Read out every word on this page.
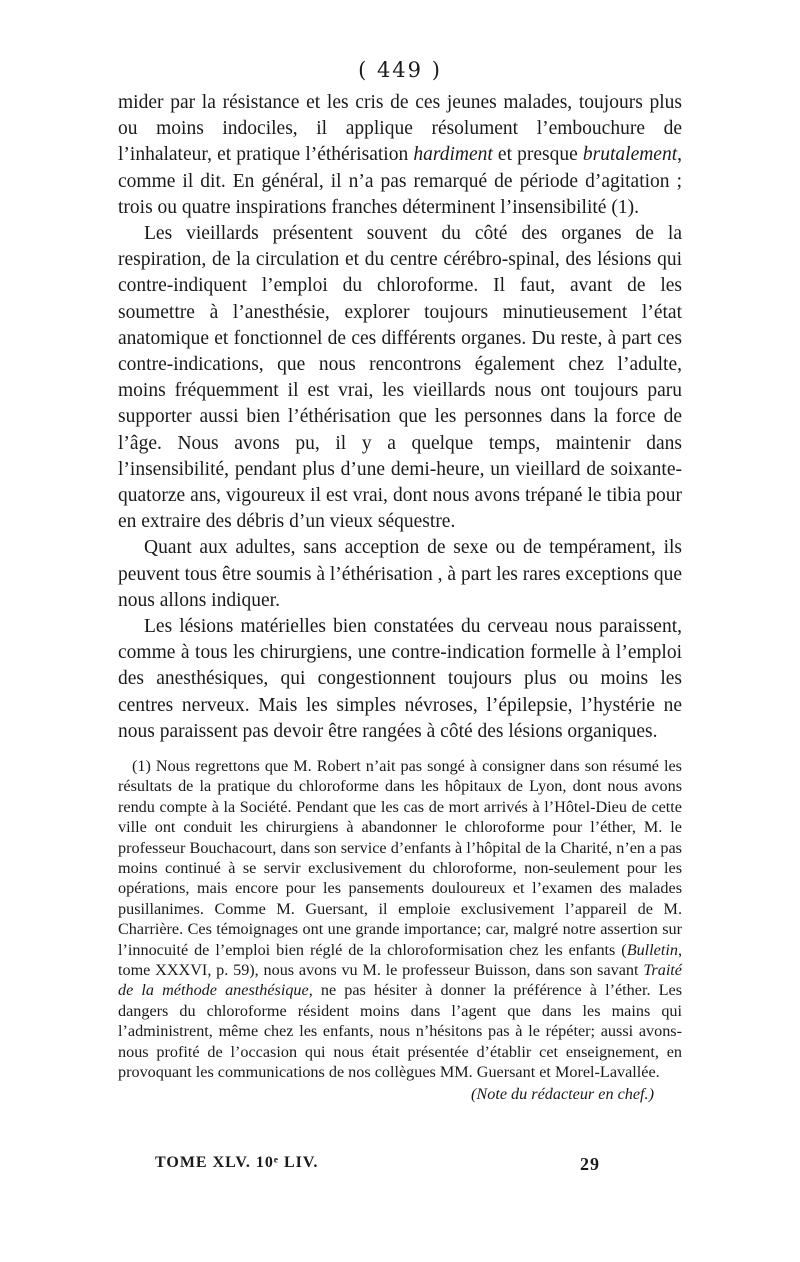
( 449 )

mider par la résistance et les cris de ces jeunes malades, toujours plus ou moins indociles, il applique résolument l’embouchure de l’inhalateur, et pratique l’éthérisation hardiment et presque brutalement, comme il dit. En général, il n’a pas remarqué de période d’agitation ; trois ou quatre inspirations franches déterminent l’insensibilité (1).

Les vieillards présentent souvent du côté des organes de la respiration, de la circulation et du centre cérébro-spinal, des lésions qui contre-indiquent l’emploi du chloroforme. Il faut, avant de les soumettre à l’anesthésie, explorer toujours minutieusement l’état anatomique et fonctionnel de ces différents organes. Du reste, à part ces contre-indications, que nous rencontrons également chez l’adulte, moins fréquemment il est vrai, les vieillards nous ont toujours paru supporter aussi bien l’éthérisation que les personnes dans la force de l’âge. Nous avons pu, il y a quelque temps, maintenir dans l’insensibilité, pendant plus d’une demi-heure, un vieillard de soixante-quatorze ans, vigoureux il est vrai, dont nous avons trépané le tibia pour en extraire des débris d’un vieux séquestre.

Quant aux adultes, sans acception de sexe ou de tempérament, ils peuvent tous être soumis à l’éthérisation , à part les rares exceptions que nous allons indiquer.

Les lésions matérielles bien constatées du cerveau nous paraissent, comme à tous les chirurgiens, une contre-indication formelle à l’emploi des anesthésiques, qui congestionnent toujours plus ou moins les centres nerveux. Mais les simples névroses, l’épilepsie, l’hystérie ne nous paraissent pas devoir être rangées à côté des lésions organiques.

(1) Nous regrettons que M. Robert n’ait pas songé à consigner dans son résumé les résultats de la pratique du chloroforme dans les hôpitaux de Lyon, dont nous avons rendu compte à la Société. Pendant que les cas de mort arrivés à l’Hôtel-Dieu de cette ville ont conduit les chirurgiens à abandonner le chloroforme pour l’éther, M. le professeur Bouchacourt, dans son service d’enfants à l’hôpital de la Charité, n’en a pas moins continué à se servir exclusivement du chloroforme, non-seulement pour les opérations, mais encore pour les pansements douloureux et l’examen des malades pusillanimes. Comme M. Guersant, il emploie exclusivement l’appareil de M. Charrière. Ces témoignages ont une grande importance; car, malgré notre assertion sur l’innocuité de l’emploi bien réglé de la chloroformisation chez les enfants (Bulletin, tome XXXVI, p. 59), nous avons vu M. le professeur Buisson, dans son savant Traité de la méthode anesthésique, ne pas hésiter à donner la préférence à l’éther. Les dangers du chloroforme résident moins dans l’agent que dans les mains qui l’administrent, même chez les enfants, nous n’hésitons pas à le répéter; aussi avons-nous profité de l’occasion qui nous était présentée d’établir cet enseignement, en provoquant les communications de nos collègues MM. Guersant et Morel-Lavallée.

(Note du rédacteur en chef.)
TOME XLV. 10ᵉ LIV.	29
